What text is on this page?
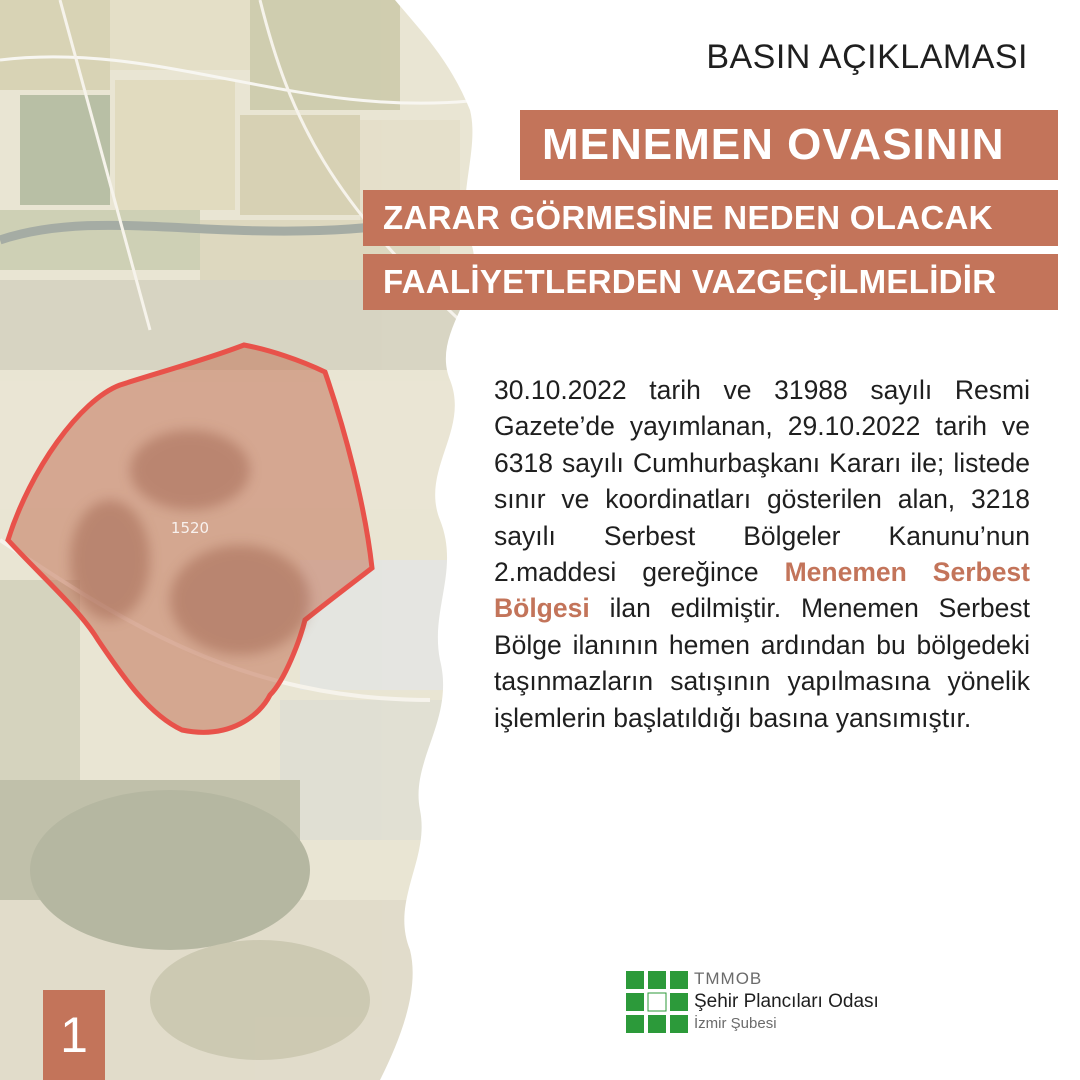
1520
BASIN AÇIKLAMASI
MENEMEN OVASININ
ZARAR GÖRMESİNE NEDEN OLACAK
FAALİYETLERDEN VAZGEÇİLMELİDİR
30.10.2022 tarih ve 31988 sayılı Resmi Gazete’de yayımlanan, 29.10.2022 tarih ve 6318 sayılı Cumhurbaşkanı Kararı ile; listede sınır ve koordinatları gösterilen alan, 3218 sayılı Serbest Bölgeler Kanunu’nun 2.maddesi gereğince Menemen Serbest Bölgesi ilan edilmiştir. Menemen Serbest Bölge ilanının hemen ardından bu bölgedeki taşınmazların satışının yapılmasına yönelik işlemlerin başlatıldığı basına yansımıştır.
1
TMMOB
Şehir Plancıları Odası
İzmir Şubesi
